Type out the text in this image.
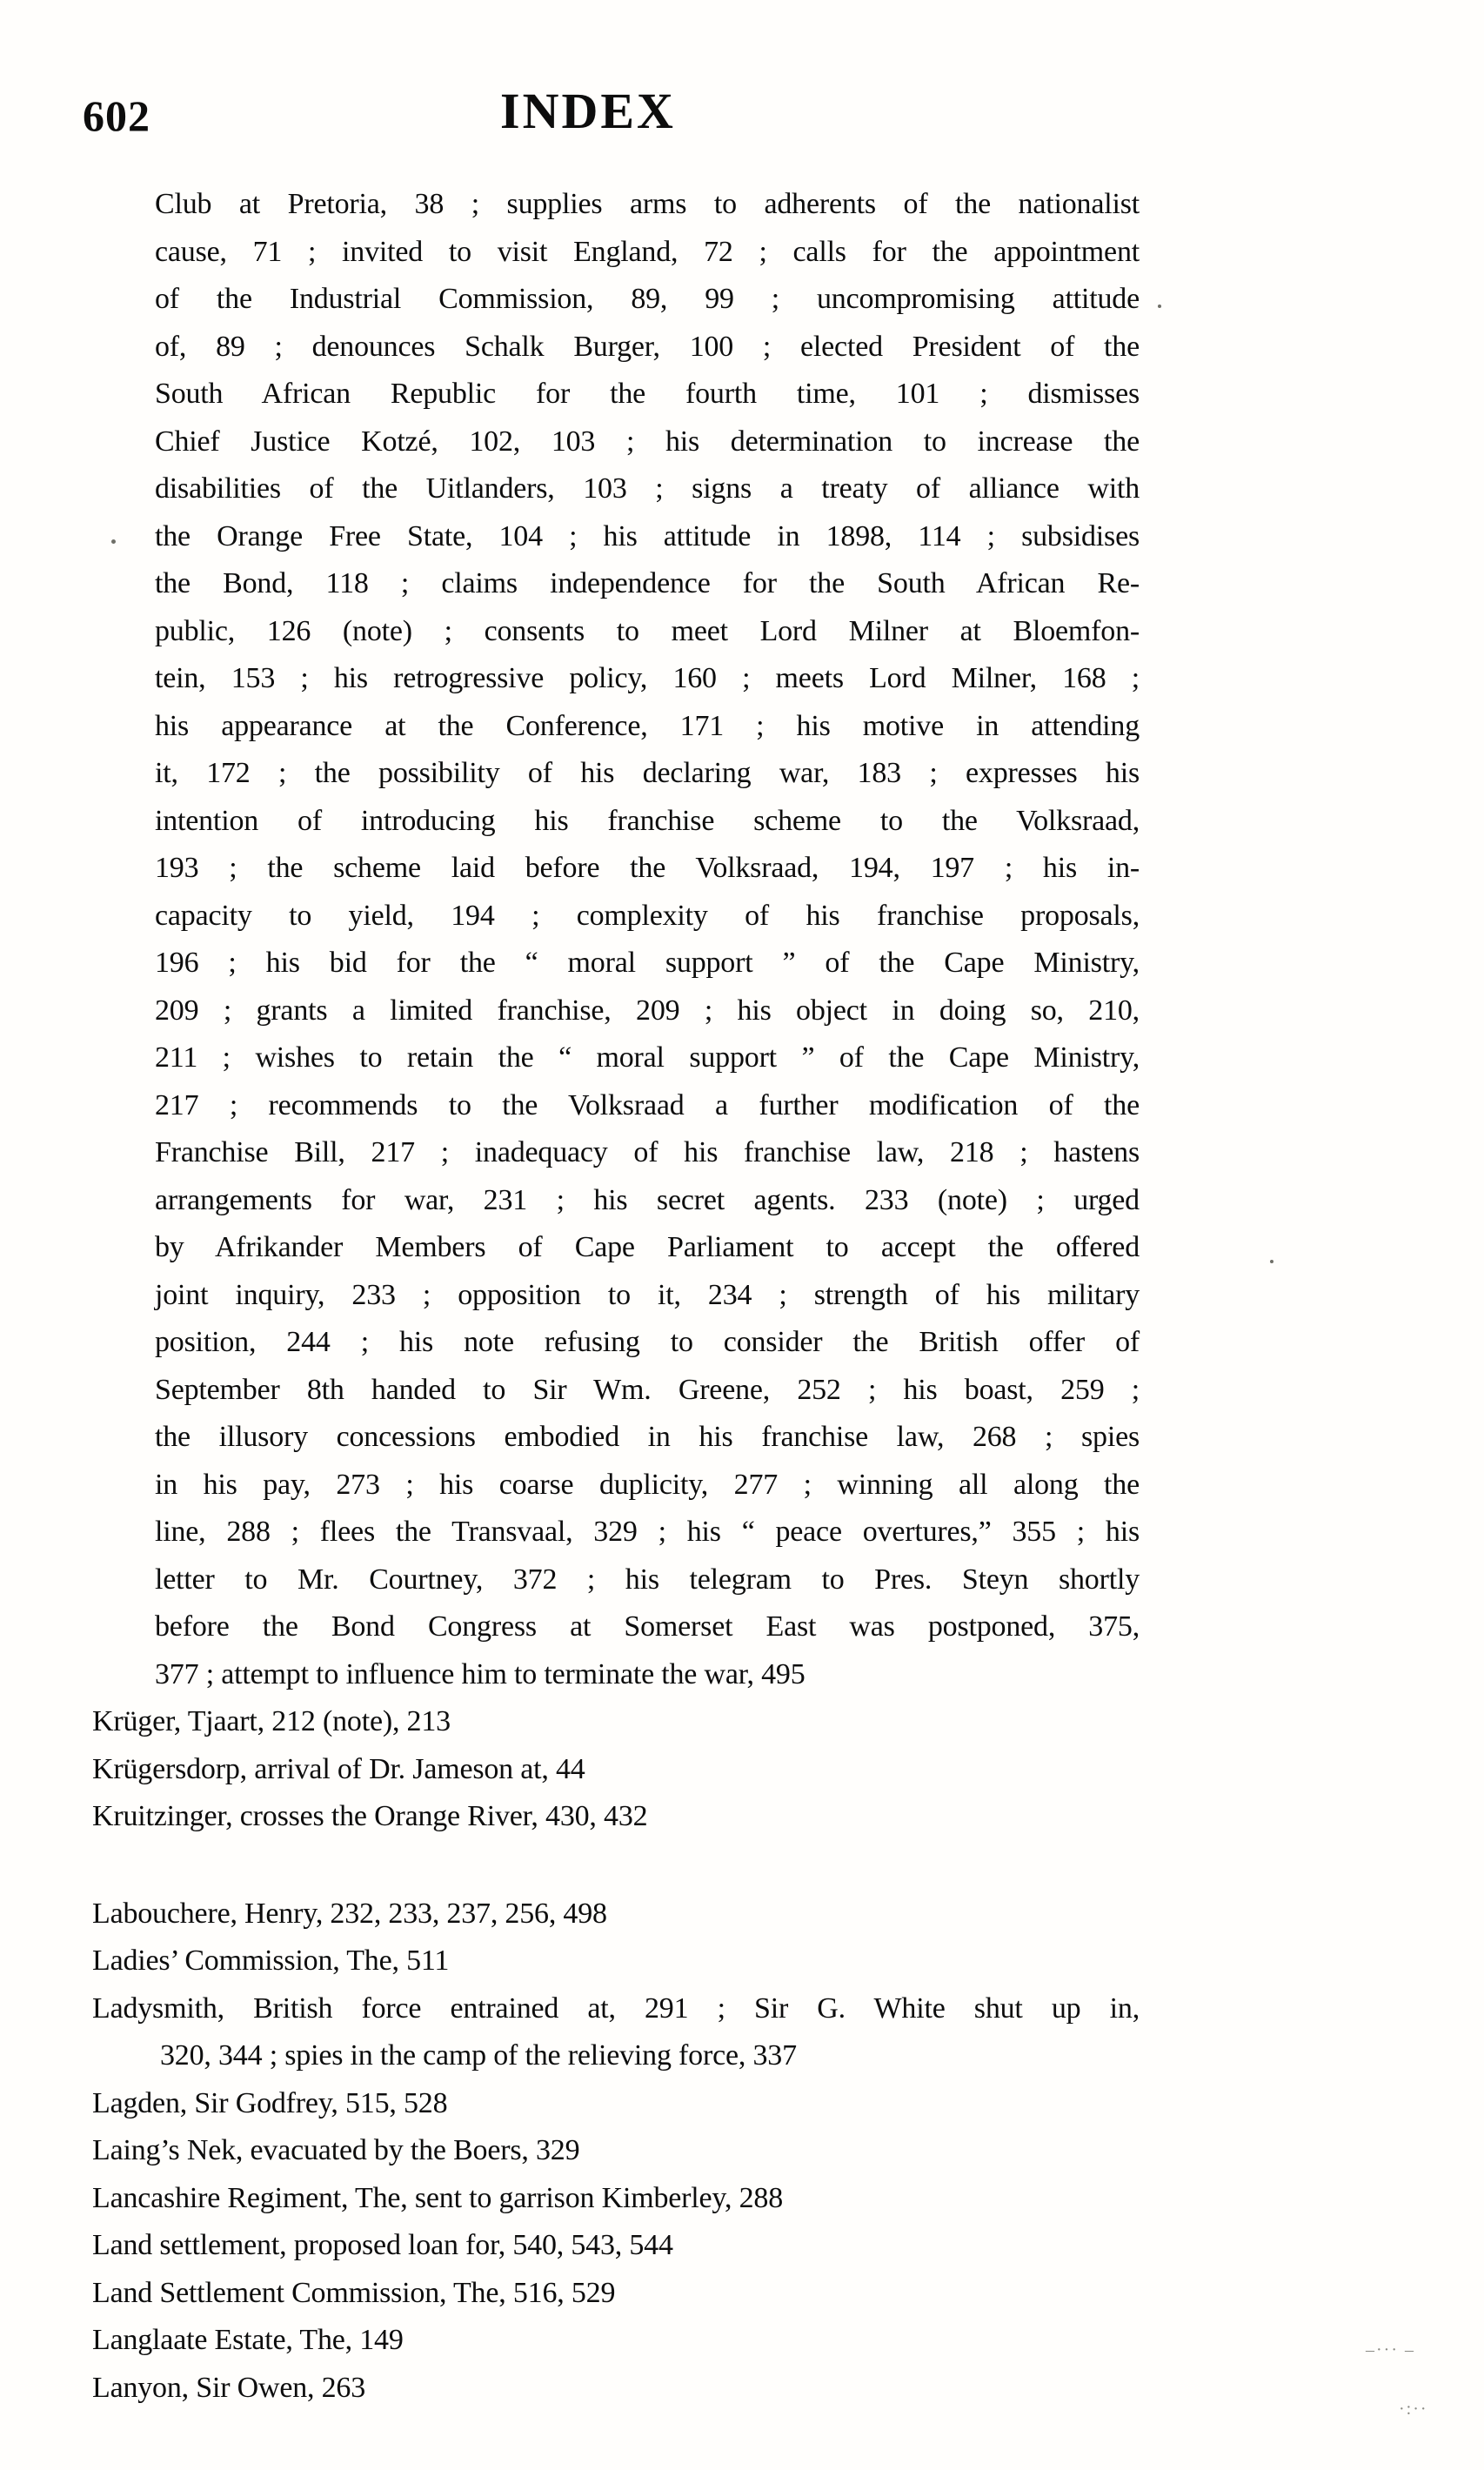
602	INDEX
Club at Pretoria, 38 ; supplies arms to adherents of the nationalist
cause, 71 ; invited to visit England, 72 ; calls for the appointment
of the Industrial Commission, 89, 99 ; uncompromising attitude
of, 89 ; denounces Schalk Burger, 100 ; elected President of the
South African Republic for the fourth time, 101 ; dismisses
Chief Justice Kotzé, 102, 103 ; his determination to increase the
disabilities of the Uitlanders, 103 ; signs a treaty of alliance with
the Orange Free State, 104 ; his attitude in 1898, 114 ; subsidises
the Bond, 118 ; claims independence for the South African Re-
public, 126 (note) ; consents to meet Lord Milner at Bloemfon-
tein, 153 ; his retrogressive policy, 160 ; meets Lord Milner, 168 ;
his appearance at the Conference, 171 ; his motive in attending
it, 172 ; the possibility of his declaring war, 183 ; expresses his
intention of introducing his franchise scheme to the Volksraad,
193 ; the scheme laid before the Volksraad, 194, 197 ; his in-
capacity to yield, 194 ; complexity of his franchise proposals,
196 ; his bid for the “ moral support ” of the Cape Ministry,
209 ; grants a limited franchise, 209 ; his object in doing so, 210,
211 ; wishes to retain the “ moral support ” of the Cape Ministry,
217 ; recommends to the Volksraad a further modification of the
Franchise Bill, 217 ; inadequacy of his franchise law, 218 ; hastens
arrangements for war, 231 ; his secret agents. 233 (note) ; urged
by Afrikander Members of Cape Parliament to accept the offered
joint inquiry, 233 ; opposition to it, 234 ; strength of his military
position, 244 ; his note refusing to consider the British offer of
September 8th handed to Sir Wm. Greene, 252 ; his boast, 259 ;
the illusory concessions embodied in his franchise law, 268 ; spies
in his pay, 273 ; his coarse duplicity, 277 ; winning all along the
line, 288 ; flees the Transvaal, 329 ; his “ peace overtures,” 355 ; his
letter to Mr. Courtney, 372 ; his telegram to Pres. Steyn shortly
before the Bond Congress at Somerset East was postponed, 375,
377 ; attempt to influence him to terminate the war, 495
Krüger, Tjaart, 212 (note), 213
Krügersdorp, arrival of Dr. Jameson at, 44
Kruitzinger, crosses the Orange River, 430, 432
Labouchere, Henry, 232, 233, 237, 256, 498
Ladies’ Commission, The, 511
Ladysmith, British force entrained at, 291 ; Sir G. White shut up in,
320, 344 ; spies in the camp of the relieving force, 337
Lagden, Sir Godfrey, 515, 528
Laing’s Nek, evacuated by the Boers, 329
Lancashire Regiment, The, sent to garrison Kimberley, 288
Land settlement, proposed loan for, 540, 543, 544
Land Settlement Commission, The, 516, 529
Langlaate Estate, The, 149
Lanyon, Sir Owen, 263
–··· –
·:··
